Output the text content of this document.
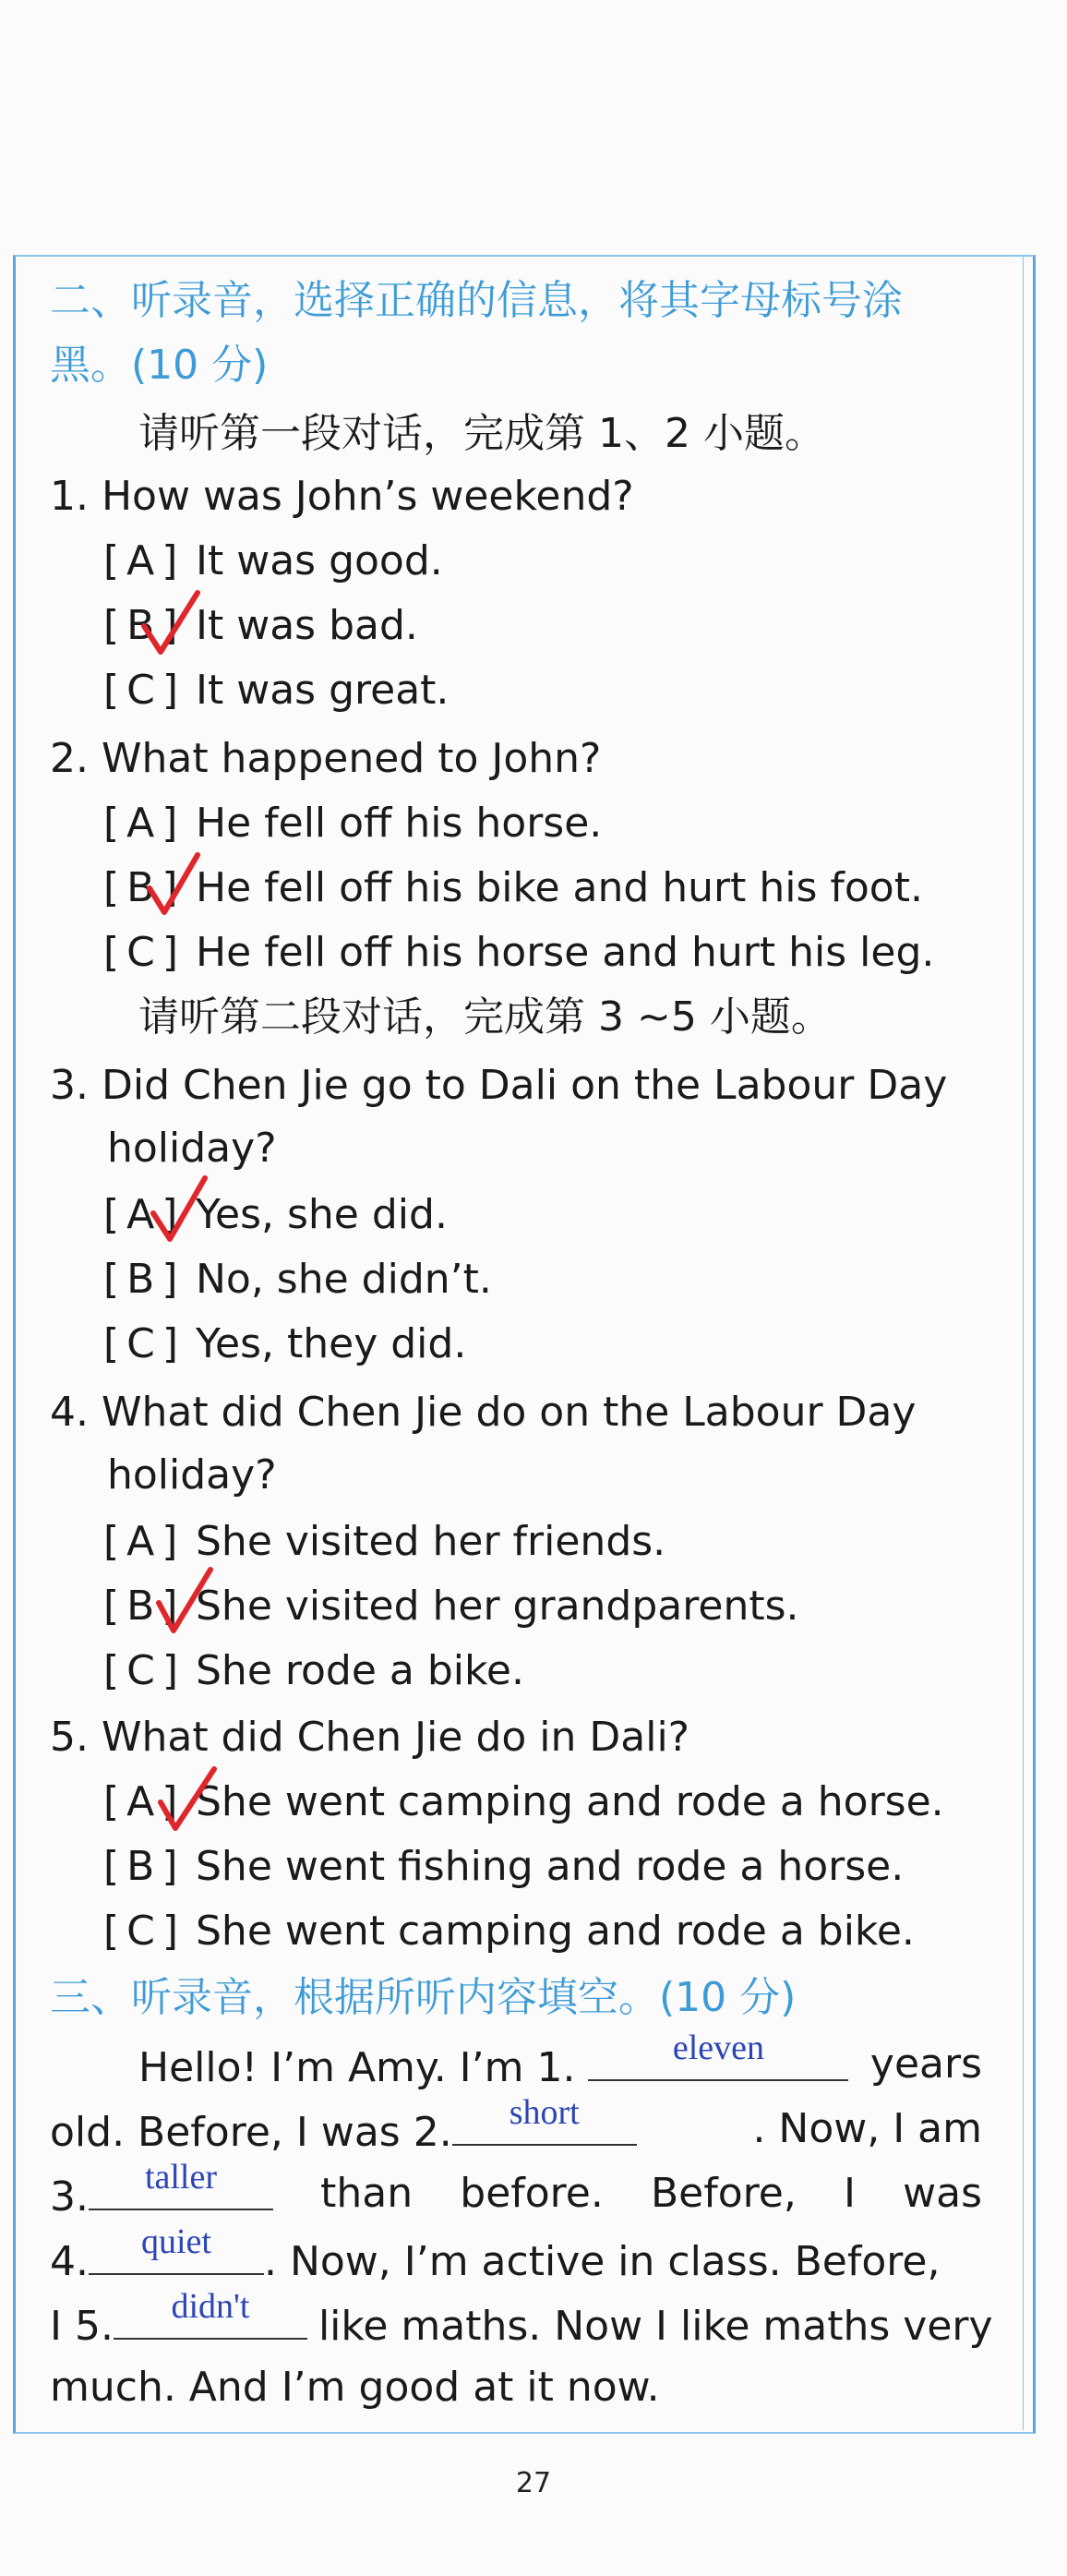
二、听录音，选择正确的信息，将其字母标号涂
黑。(10 分)
请听第一段对话，完成第 1、2 小题。
1. How was John’s weekend?
[A] It was good.
[B] It was bad.
[C] It was great.
2. What happened to John?
[A] He fell off his horse.
[B] He fell off his bike and hurt his foot.
[C] He fell off his horse and hurt his leg.
请听第二段对话，完成第 3 ~5 小题。
3. Did Chen Jie go to Dali on the Labour Day
holiday?
[A] Yes, she did.
[B] No, she didn’t.
[C] Yes, they did.
4. What did Chen Jie do on the Labour Day
holiday?
[A] She visited her friends.
[B] She visited her grandparents.
[C] She rode a bike.
5. What did Chen Jie do in Dali?
[A] She went camping and rode a horse.
[B] She went fishing and rode a horse.
[C] She went camping and rode a bike.
三、听录音，根据所听内容填空。(10 分)
Hello! I’m Amy. I’m 1.	eleven	years
old. Before, I was 2.	short	. Now, I am
3.	taller	than before. Before, I was
4.	quiet	. Now, I’m active in class. Before,
I 5.	didn't	like maths. Now I like maths very
much. And I’m good at it now.
27
